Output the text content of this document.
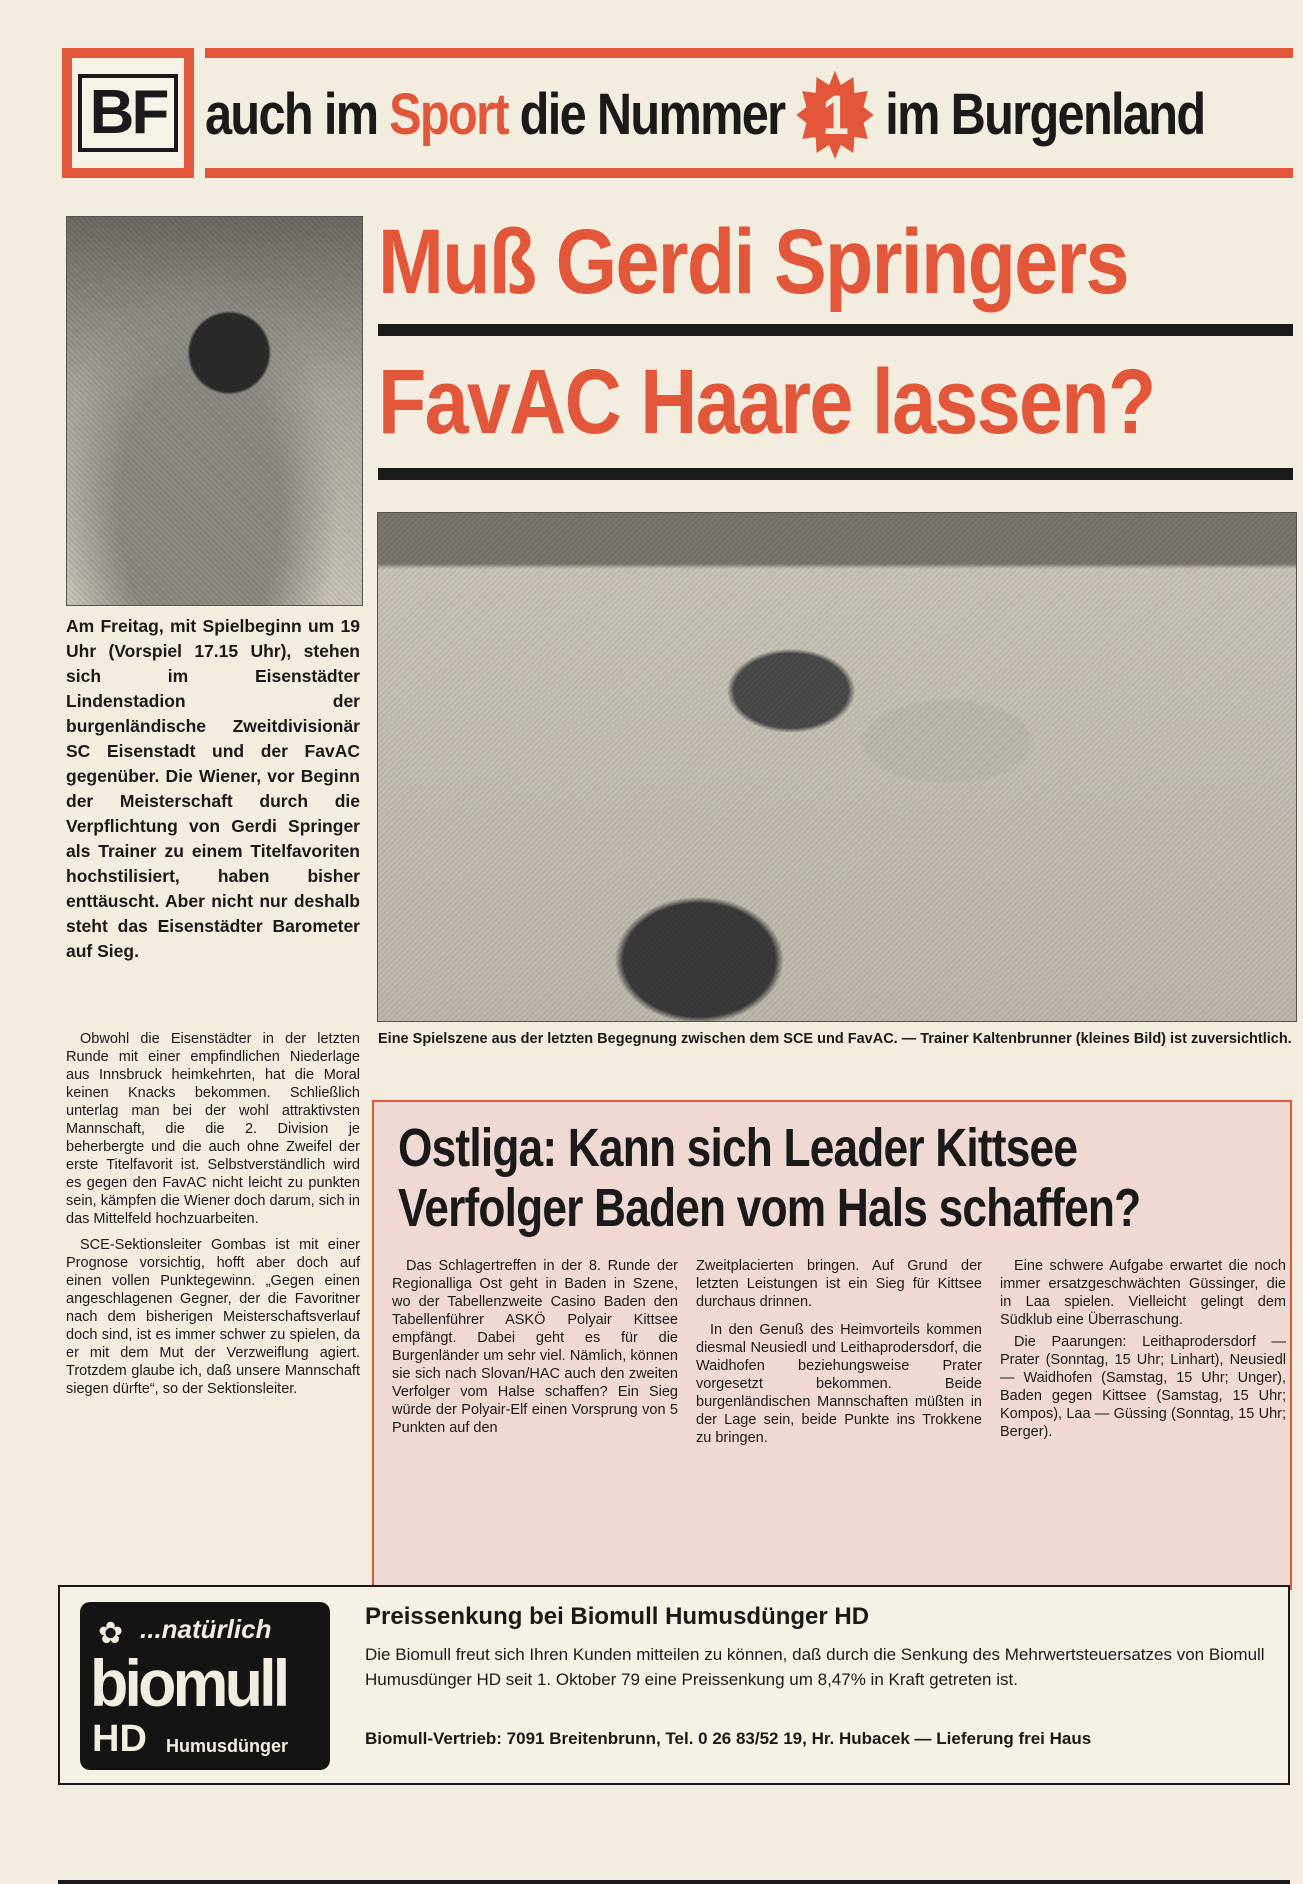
BF auch im Sport die Nummer 1 im Burgenland
Muß Gerdi Springers
FavAC Haare lassen?
Eine Spielszene aus der letzten Begegnung zwischen dem SCE und FavAC. — Trainer Kaltenbrunner (kleines Bild) ist zuversichtlich.
Am Freitag, mit Spielbeginn um 19 Uhr (Vorspiel 17.15 Uhr), stehen sich im Eisenstädter Lindenstadion der burgenländische Zweitdivisionär SC Eisenstadt und der FavAC gegenüber. Die Wiener, vor Beginn der Meisterschaft durch die Verpflichtung von Gerdi Springer als Trainer zu einem Titelfavoriten hochstilisiert, haben bisher enttäuscht. Aber nicht nur deshalb steht das Eisenstädter Barometer auf Sieg.

Obwohl die Eisenstädter in der letzten Runde mit einer empfindlichen Niederlage aus Innsbruck heimkehrten, hat die Moral keinen Knacks bekommen. Schließlich unterlag man bei der wohl attraktivsten Mannschaft, die die 2. Division je beherbergte und die auch ohne Zweifel der erste Titelfavorit ist. Selbstverständlich wird es gegen den FavAC nicht leicht zu punkten sein, kämpfen die Wiener doch darum, sich in das Mittelfeld hochzuarbeiten.

SCE-Sektionsleiter Gombas ist mit einer Prognose vorsichtig, hofft aber doch auf einen vollen Punktegewinn. „Gegen einen angeschlagenen Gegner, der die Favoritner nach dem bisherigen Meisterschaftsverlauf doch sind, ist es immer schwer zu spielen, da er mit dem Mut der Verzweiflung agiert. Trotzdem glaube ich, daß unsere Mannschaft siegen dürfte“, so der Sektionsleiter.

Ostliga: Kann sich Leader Kittsee
Verfolger Baden vom Hals schaffen?

Das Schlagertreffen in der 8. Runde der Regionalliga Ost geht in Baden in Szene, wo der Tabellenzweite Casino Baden den Tabellenführer ASKÖ Polyair Kittsee empfängt. Dabei geht es für die Burgenländer um sehr viel. Nämlich, können sie sich nach Slovan/HAC auch den zweiten Verfolger vom Halse schaffen? Ein Sieg würde der Polyair-Elf einen Vorsprung von 5 Punkten auf den

Zweitplacierten bringen. Auf Grund der letzten Leistungen ist ein Sieg für Kittsee durchaus drinnen.

In den Genuß des Heimvorteils kommen diesmal Neusiedl und Leithaprodersdorf, die Waidhofen beziehungsweise Prater vorgesetzt bekommen. Beide burgenländischen Mannschaften müßten in der Lage sein, beide Punkte ins Trokkene zu bringen.

Eine schwere Aufgabe erwartet die noch immer ersatzgeschwächten Güssinger, die in Laa spielen. Vielleicht gelingt dem Südklub eine Überraschung.

Die Paarungen: Leithaprodersdorf — Prater (Sonntag, 15 Uhr; Linhart), Neusiedl — Waidhofen (Samstag, 15 Uhr; Unger), Baden gegen Kittsee (Samstag, 15 Uhr; Kompos), Laa — Güssing (Sonntag, 15 Uhr; Berger).

✿ ...natürlich
biomull
HD Humusdünger
Preissenkung bei Biomull Humusdünger HD
Die Biomull freut sich Ihren Kunden mitteilen zu können, daß durch die Senkung des Mehrwertsteuersatzes von Biomull Humusdünger HD seit 1. Oktober 79 eine Preissenkung um 8,47% in Kraft getreten ist.
Biomull-Vertrieb: 7091 Breitenbrunn, Tel. 0 26 83/52 19, Hr. Hubacek — Lieferung frei Haus
